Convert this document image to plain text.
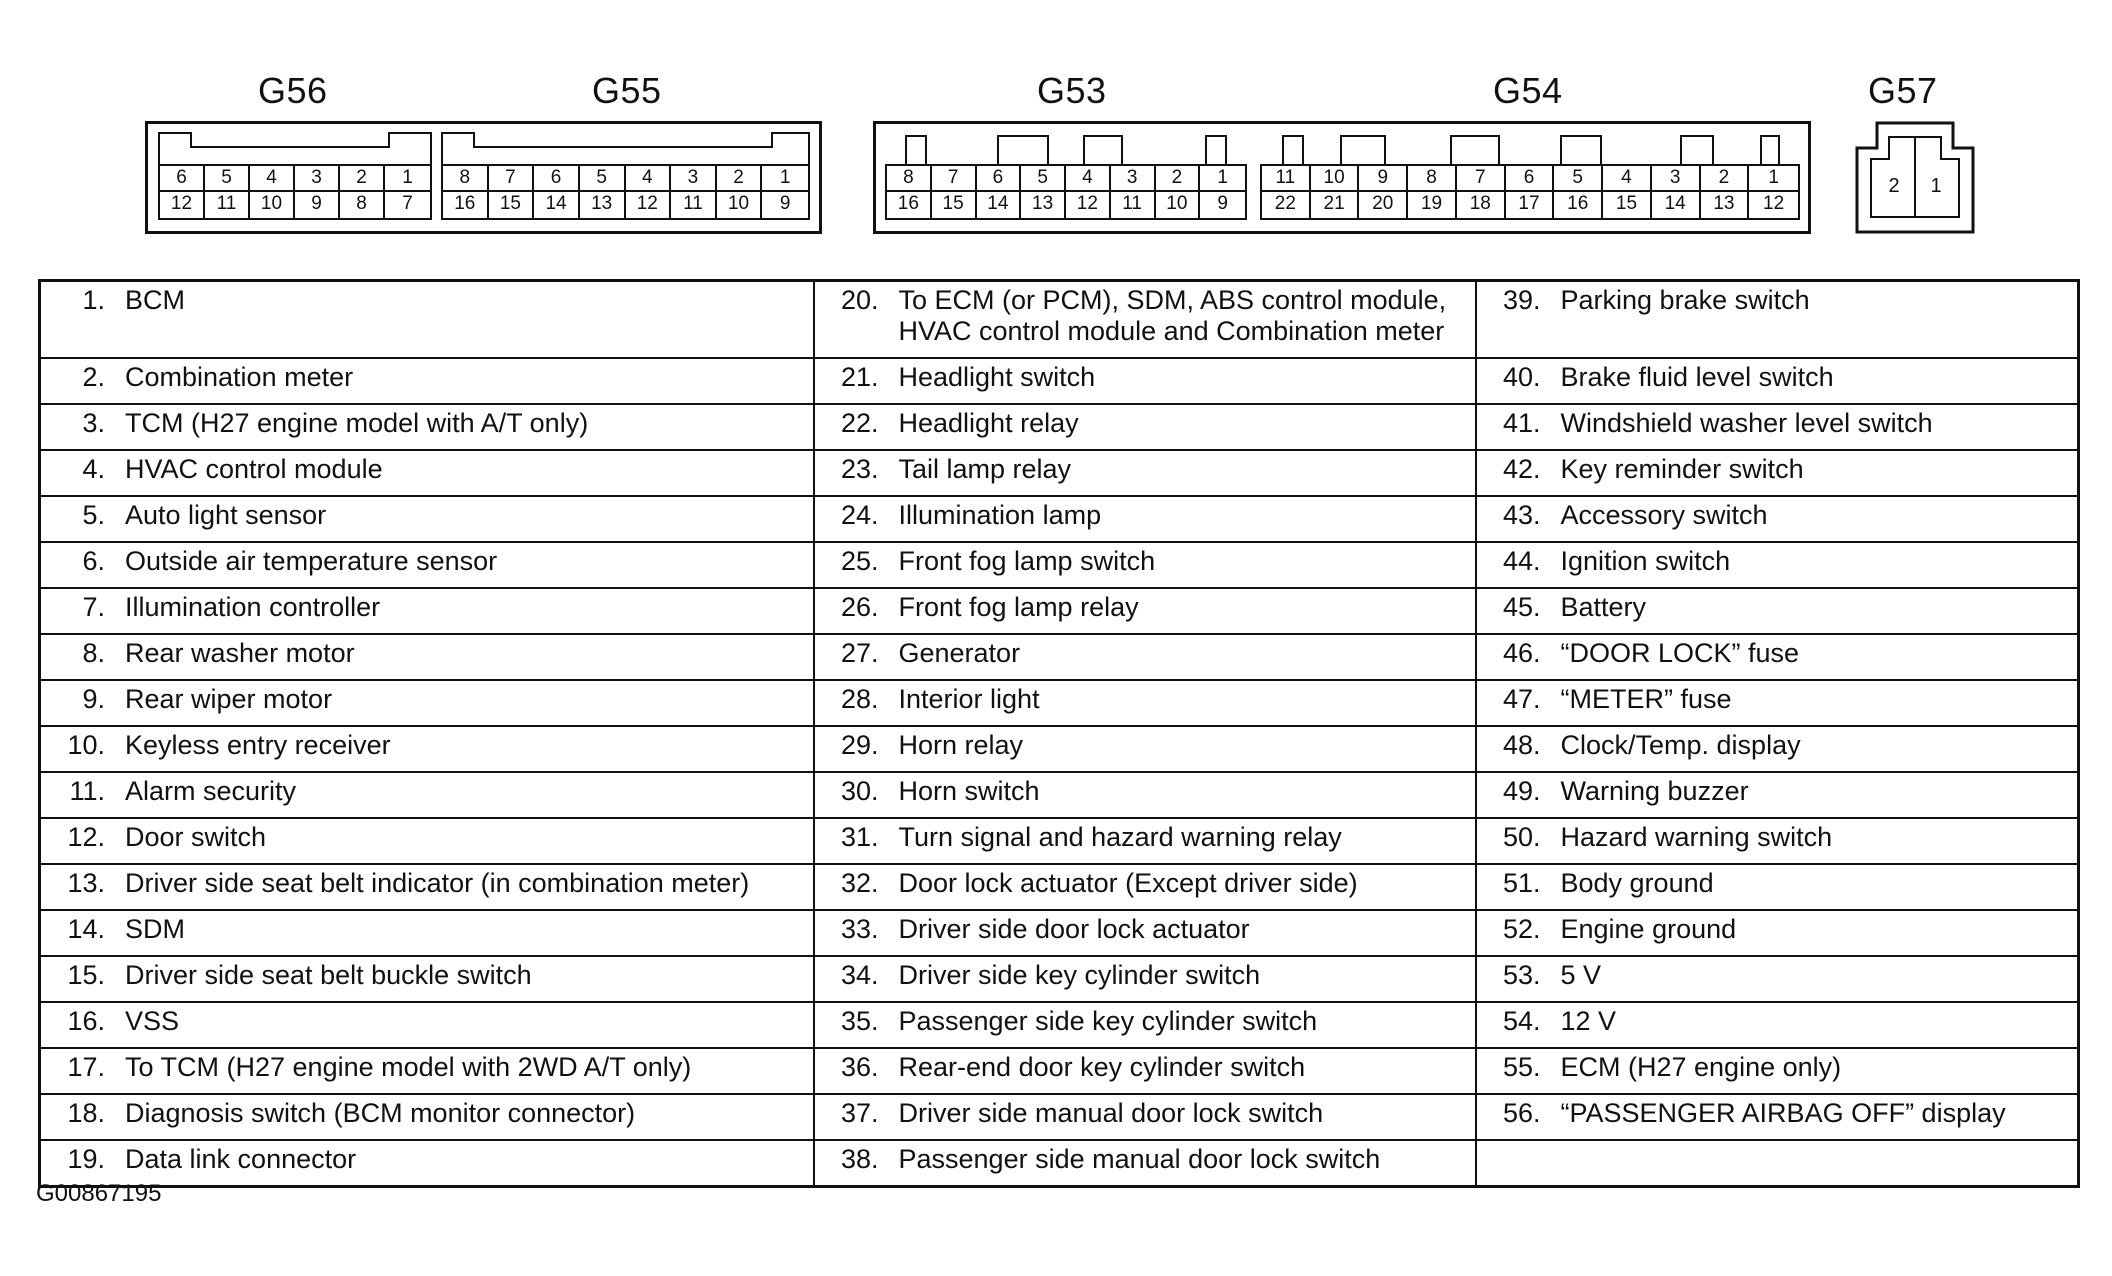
G56	G55	G53	G54	G57
6	5	4	3	2	1
12	11	10	9	8	7
8	7	6	5	4	3	2	1
16	15	14	13	12	11	10	9
8	7	6	5	4	3	2	1
16	15	14	13	12	11	10	9
11	10	9	8	7	6	5	4	3	2	1
22	21	20	19	18	17	16	15	14	13	12
2	1
1. BCM	20. To ECM (or PCM), SDM, ABS control module,
HVAC control module and Combination meter	39. Parking brake switch
2. Combination meter	21. Headlight switch	40. Brake fluid level switch
3. TCM (H27 engine model with A/T only)	22. Headlight relay	41. Windshield washer level switch
4. HVAC control module	23. Tail lamp relay	42. Key reminder switch
5. Auto light sensor	24. Illumination lamp	43. Accessory switch
6. Outside air temperature sensor	25. Front fog lamp switch	44. Ignition switch
7. Illumination controller	26. Front fog lamp relay	45. Battery
8. Rear washer motor	27. Generator	46. “DOOR LOCK” fuse
9. Rear wiper motor	28. Interior light	47. “METER” fuse
10. Keyless entry receiver	29. Horn relay	48. Clock/Temp. display
11. Alarm security	30. Horn switch	49. Warning buzzer
12. Door switch	31. Turn signal and hazard warning relay	50. Hazard warning switch
13. Driver side seat belt indicator (in combination meter)	32. Door lock actuator (Except driver side)	51. Body ground
14. SDM	33. Driver side door lock actuator	52. Engine ground
15. Driver side seat belt buckle switch	34. Driver side key cylinder switch	53. 5 V
16. VSS	35. Passenger side key cylinder switch	54. 12 V
17. To TCM (H27 engine model with 2WD A/T only)	36. Rear-end door key cylinder switch	55. ECM (H27 engine only)
18. Diagnosis switch (BCM monitor connector)	37. Driver side manual door lock switch	56. “PASSENGER AIRBAG OFF” display
19. Data link connector	38. Passenger side manual door lock switch	
G00867195
